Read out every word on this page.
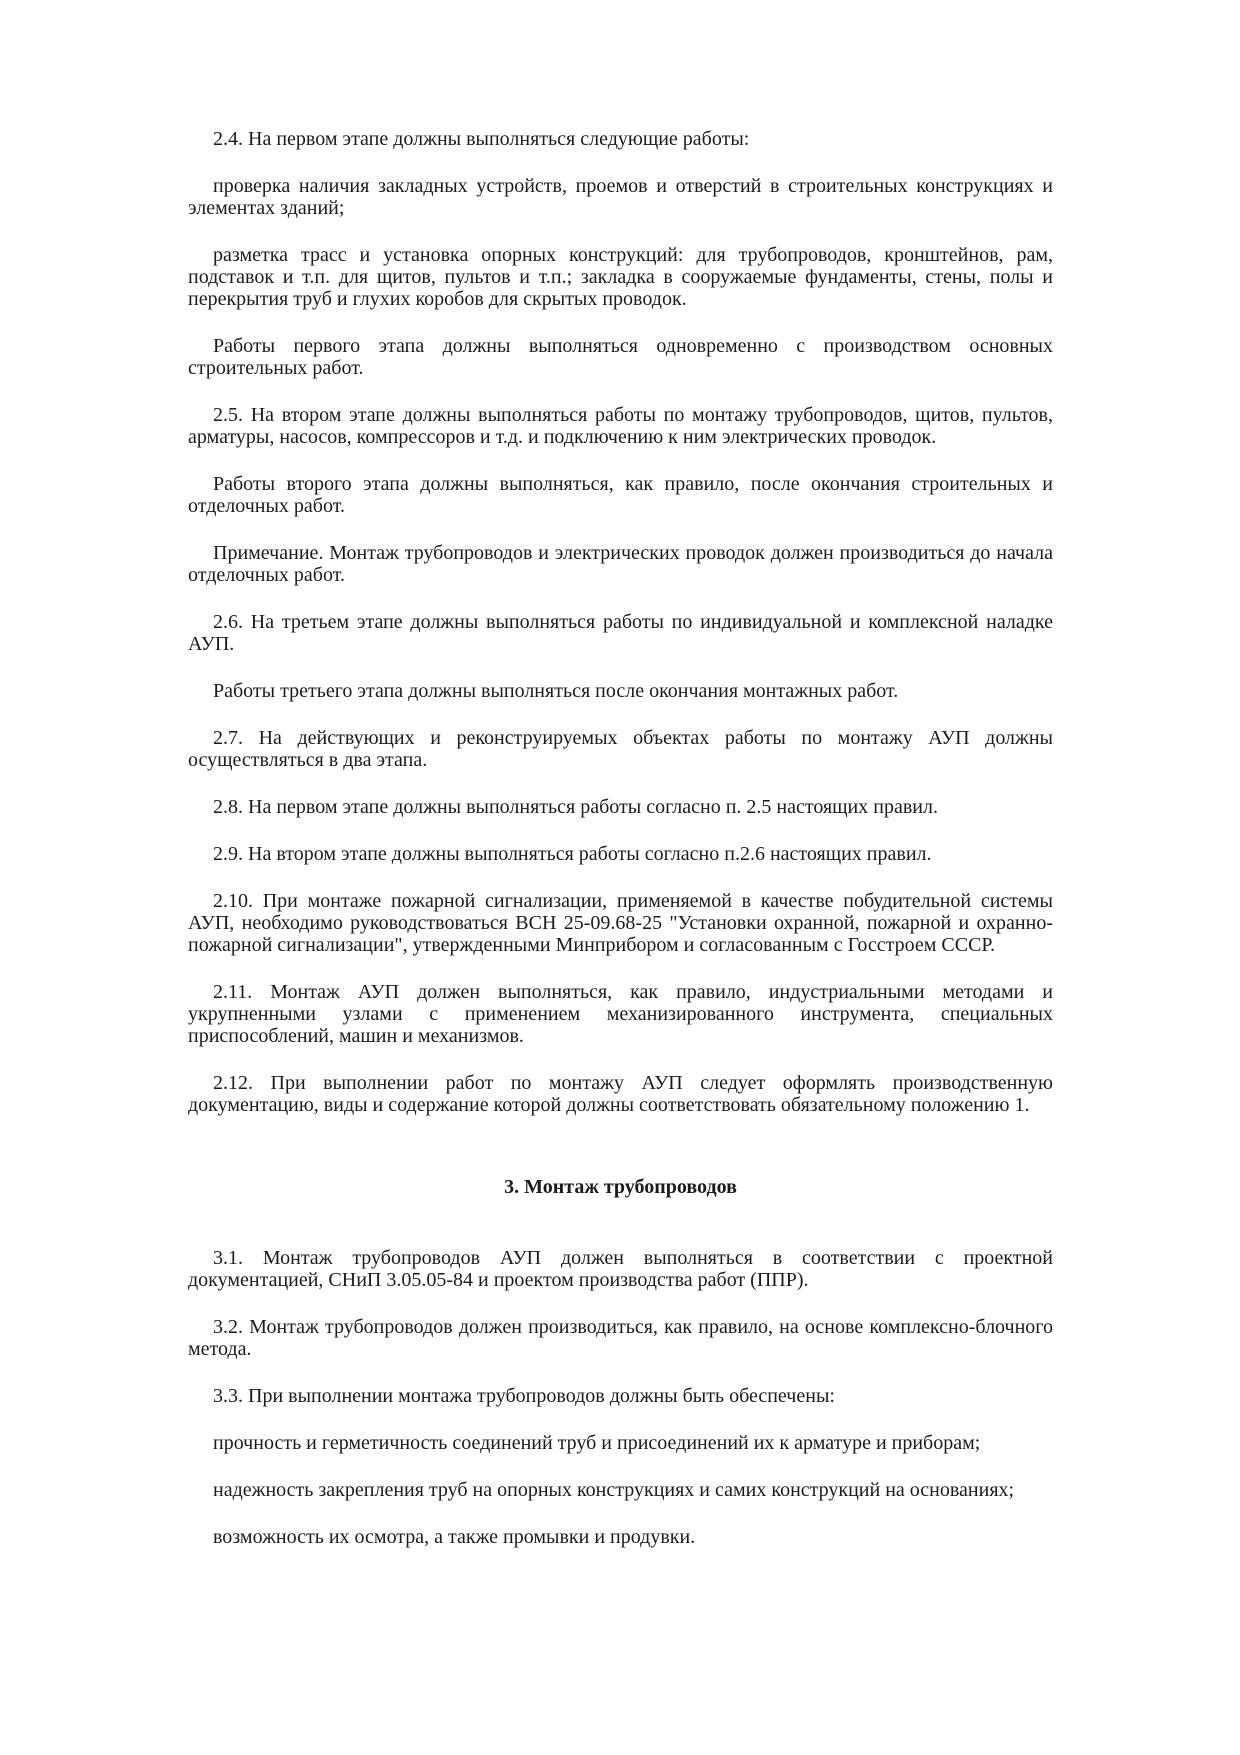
2.4. На первом этапе должны выполняться следующие работы:

проверка наличия закладных устройств, проемов и отверстий в строительных конструкциях и элементах зданий;

разметка трасс и установка опорных конструкций: для трубопроводов, кронштейнов, рам, подставок и т.п. для щитов, пультов и т.п.; закладка в сооружаемые фундаменты, стены, полы и перекрытия труб и глухих коробов для скрытых проводок.

Работы первого этапа должны выполняться одновременно с производством основных строительных работ.

2.5. На втором этапе должны выполняться работы по монтажу трубопроводов, щитов, пультов, арматуры, насосов, компрессоров и т.д. и подключению к ним электрических проводок.

Работы второго этапа должны выполняться, как правило, после окончания строительных и отделочных работ.

Примечание. Монтаж трубопроводов и электрических проводок должен производиться до начала отделочных работ.

2.6. На третьем этапе должны выполняться работы по индивидуальной и комплексной наладке АУП.

Работы третьего этапа должны выполняться после окончания монтажных работ.

2.7. На действующих и реконструируемых объектах работы по монтажу АУП должны осуществляться в два этапа.

2.8. На первом этапе должны выполняться работы согласно п. 2.5 настоящих правил.

2.9. На втором этапе должны выполняться работы согласно п.2.6 настоящих правил.

2.10. При монтаже пожарной сигнализации, применяемой в качестве побудительной системы АУП, необходимо руководствоваться ВСН 25-09.68-25 "Установки охранной, пожарной и охранно-пожарной сигнализации", утвержденными Минприбором и согласованным с Госстроем СССР.

2.11. Монтаж АУП должен выполняться, как правило, индустриальными методами и укрупненными узлами с применением механизированного инструмента, специальных приспособлений, машин и механизмов.

2.12. При выполнении работ по монтажу АУП следует оформлять производственную документацию, виды и содержание которой должны соответствовать обязательному положению 1.

3. Монтаж трубопроводов

3.1. Монтаж трубопроводов АУП должен выполняться в соответствии с проектной документацией, СНиП 3.05.05-84 и проектом производства работ (ППР).

3.2. Монтаж трубопроводов должен производиться, как правило, на основе комплексно-блочного метода.

3.3. При выполнении монтажа трубопроводов должны быть обеспечены:

прочность и герметичность соединений труб и присоединений их к арматуре и приборам;

надежность закрепления труб на опорных конструкциях и самих конструкций на основаниях;

возможность их осмотра, а также промывки и продувки.
